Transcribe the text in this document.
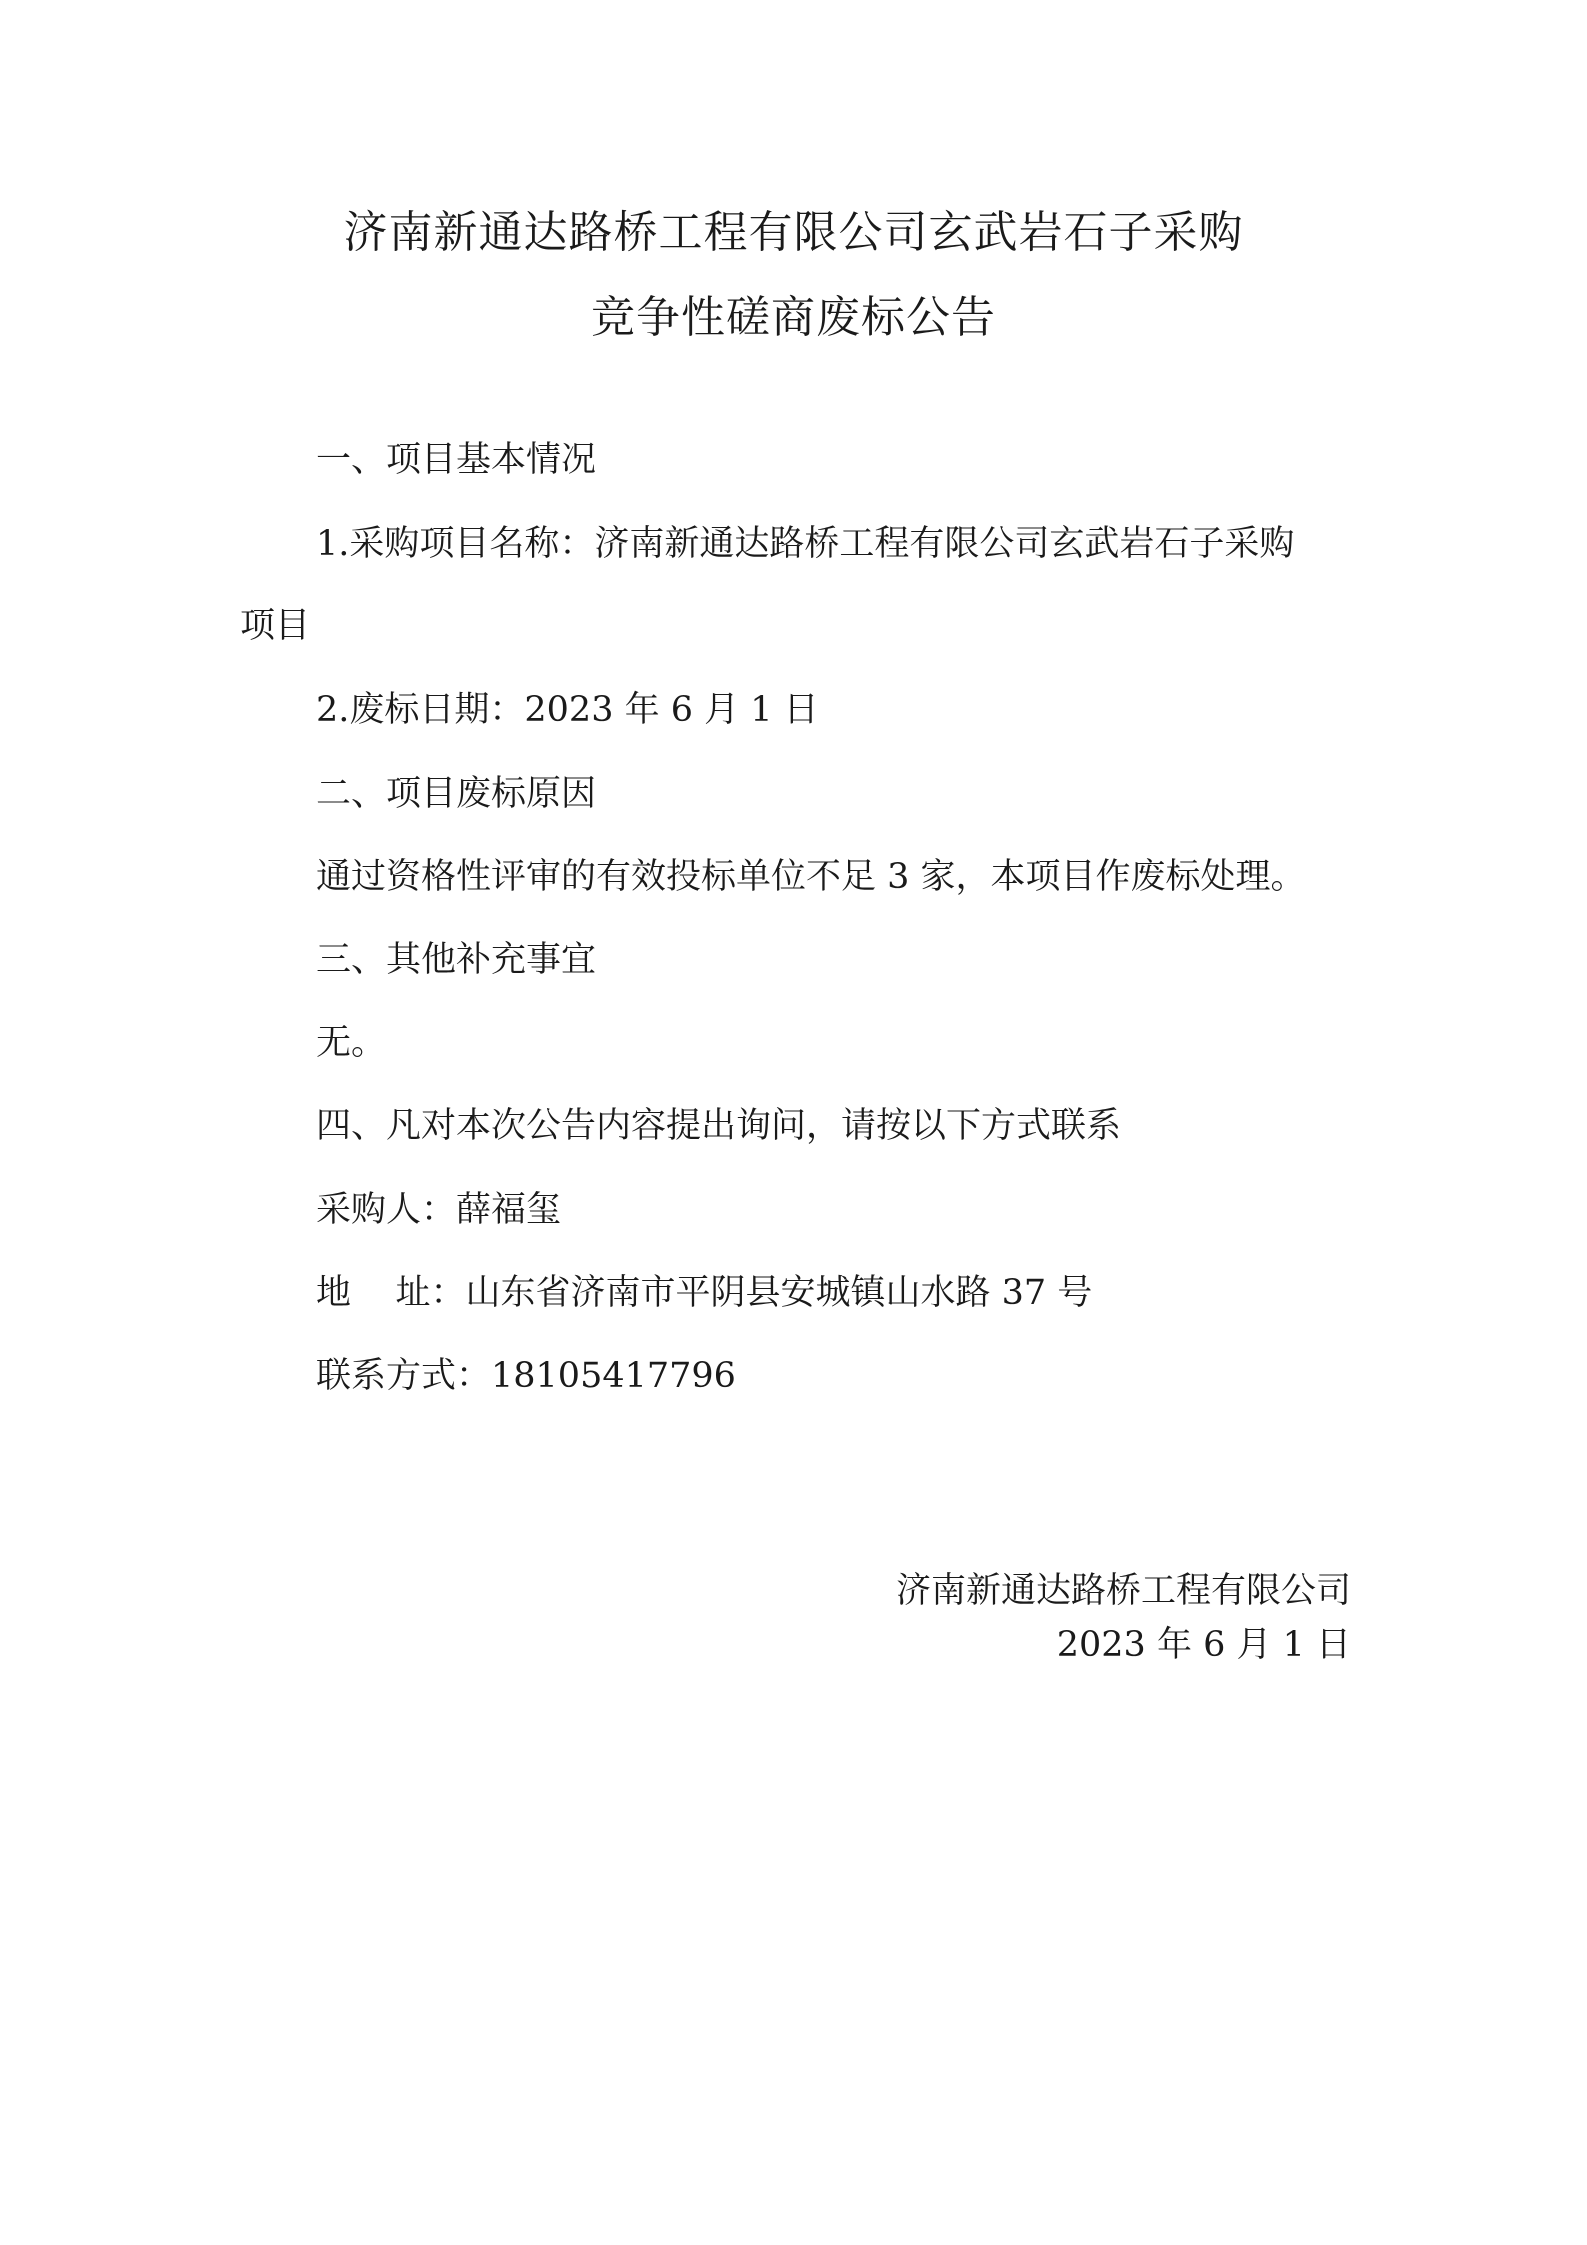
济南新通达路桥工程有限公司玄武岩石子采购
竞争性磋商废标公告

一、项目基本情况

1.采购项目名称：济南新通达路桥工程有限公司玄武岩石子采购

项目

2.废标日期：2023 年 6 月 1 日

二、项目废标原因

通过资格性评审的有效投标单位不足 3 家，本项目作废标处理。

三、其他补充事宜

无。

四、凡对本次公告内容提出询问，请按以下方式联系

采购人：薛福玺

地    址：山东省济南市平阴县安城镇山水路 37 号

联系方式：18105417796

济南新通达路桥工程有限公司

2023 年 6 月 1 日
